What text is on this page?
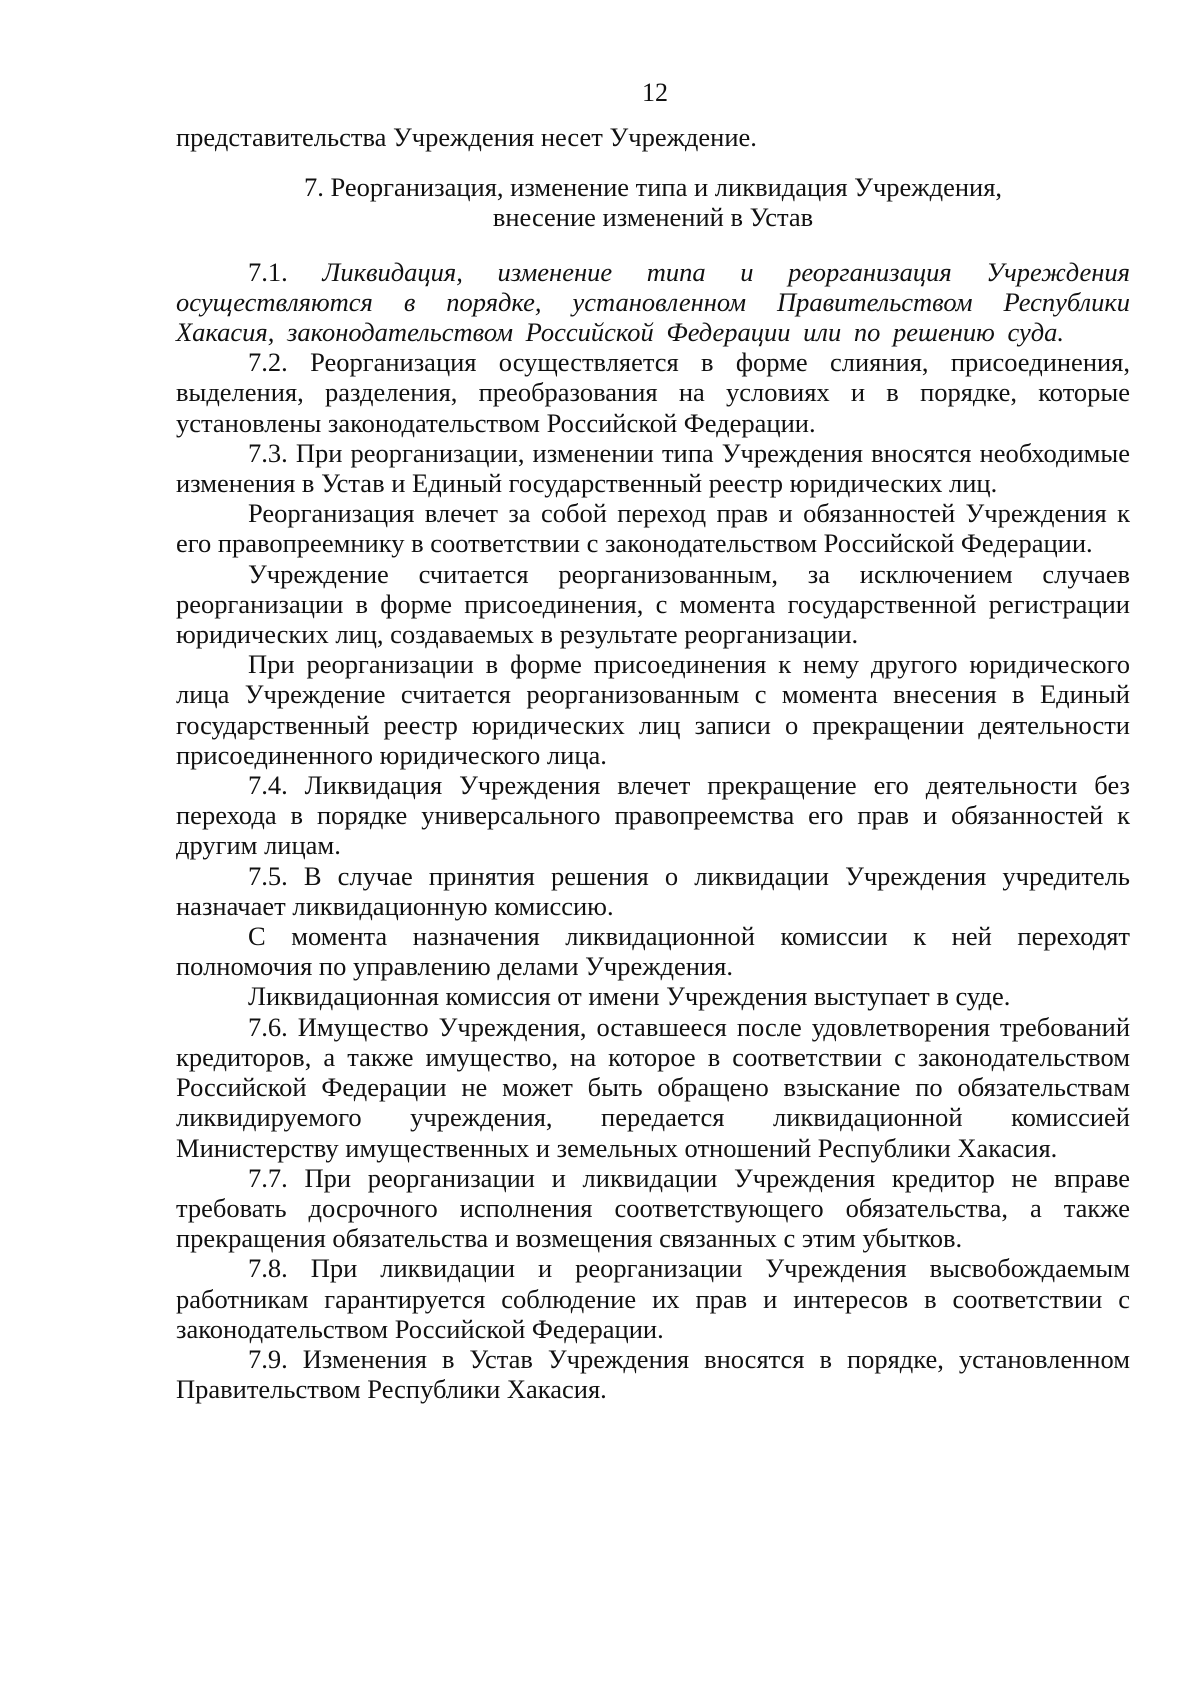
12

представительства Учреждения несет Учреждение.

7. Реорганизация, изменение типа и ликвидация Учреждения,
внесение изменений в Устав

7.1. Ликвидация, изменение типа и реорганизация Учреждения осуществляются в порядке, установленном Правительством Республики Хакасия, законодательством Российской Федерации или по решению суда.

7.2. Реорганизация осуществляется в форме слияния, присоединения, выделения, разделения, преобразования на условиях и в порядке, которые установлены законодательством Российской Федерации.

7.3. При реорганизации, изменении типа Учреждения вносятся необходимые изменения в Устав и Единый государственный реестр юридических лиц.

Реорганизация влечет за собой переход прав и обязанностей Учреждения к его правопреемнику в соответствии с законодательством Российской Федерации.

Учреждение считается реорганизованным, за исключением случаев реорганизации в форме присоединения, с момента государственной регистрации юридических лиц, создаваемых в результате реорганизации.

При реорганизации в форме присоединения к нему другого юридического лица Учреждение считается реорганизованным с момента внесения в Единый государственный реестр юридических лиц записи о прекращении деятельности присоединенного юридического лица.

7.4. Ликвидация Учреждения влечет прекращение его деятельности без перехода в порядке универсального правопреемства его прав и обязанностей к другим лицам.

7.5. В случае принятия решения о ликвидации Учреждения учредитель назначает ликвидационную комиссию.

С момента назначения ликвидационной комиссии к ней переходят полномочия по управлению делами Учреждения.

Ликвидационная комиссия от имени Учреждения выступает в суде.

7.6. Имущество Учреждения, оставшееся после удовлетворения требований кредиторов, а также имущество, на которое в соответствии с законодательством Российской Федерации не может быть обращено взыскание по обязательствам ликвидируемого учреждения, передается ликвидационной комиссией Министерству имущественных и земельных отношений Республики Хакасия.

7.7. При реорганизации и ликвидации Учреждения кредитор не вправе требовать досрочного исполнения соответствующего обязательства, а также прекращения обязательства и возмещения связанных с этим убытков.

7.8. При ликвидации и реорганизации Учреждения высвобождаемым работникам гарантируется соблюдение их прав и интересов в соответствии с законодательством Российской Федерации.

7.9. Изменения в Устав Учреждения вносятся в порядке, установленном Правительством Республики Хакасия.
